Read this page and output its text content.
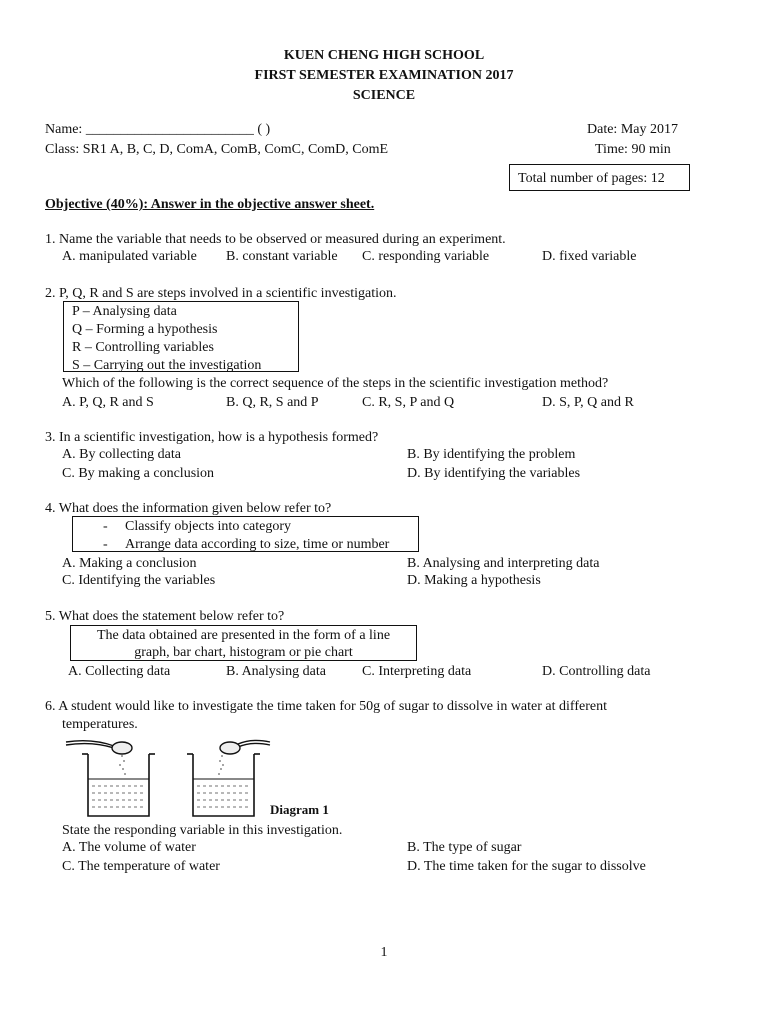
KUEN CHENG HIGH SCHOOL
FIRST SEMESTER EXAMINATION 2017
SCIENCE
Name: ________________________ ( )	Date: May 2017
Class: SR1 A, B, C, D, ComA, ComB, ComC, ComD, ComE	Time: 90 min
Total number of pages: 12
Objective (40%): Answer in the objective answer sheet.
1. Name the variable that needs to be observed or measured during an experiment.
A. manipulated variable B. constant variable C. responding variable	D. fixed variable
2. P, Q, R and S are steps involved in a scientific investigation.
P – Analysing data
Q – Forming a hypothesis
R – Controlling variables
S – Carrying out the investigation
Which of the following is the correct sequence of the steps in the scientific investigation method?
A. P, Q, R and S	B. Q, R, S and P	C. R, S, P and Q	D. S, P, Q and R
3. In a scientific investigation, how is a hypothesis formed?
A. By collecting data	B. By identifying the problem
C. By making a conclusion	D. By identifying the variables
4. What does the information given below refer to?
- Classify objects into category
- Arrange data according to size, time or number
A. Making a conclusion	B. Analysing and interpreting data
C. Identifying the variables	D. Making a hypothesis
5. What does the statement below refer to?
The data obtained are presented in the form of a line
graph, bar chart, histogram or pie chart
A. Collecting data	B. Analysing data	C. Interpreting data	D. Controlling data
6. A student would like to investigate the time taken for 50g of sugar to dissolve in water at different
temperatures.
Diagram 1
State the responding variable in this investigation.
A. The volume of water	B. The type of sugar
C. The temperature of water	D. The time taken for the sugar to dissolve
1
